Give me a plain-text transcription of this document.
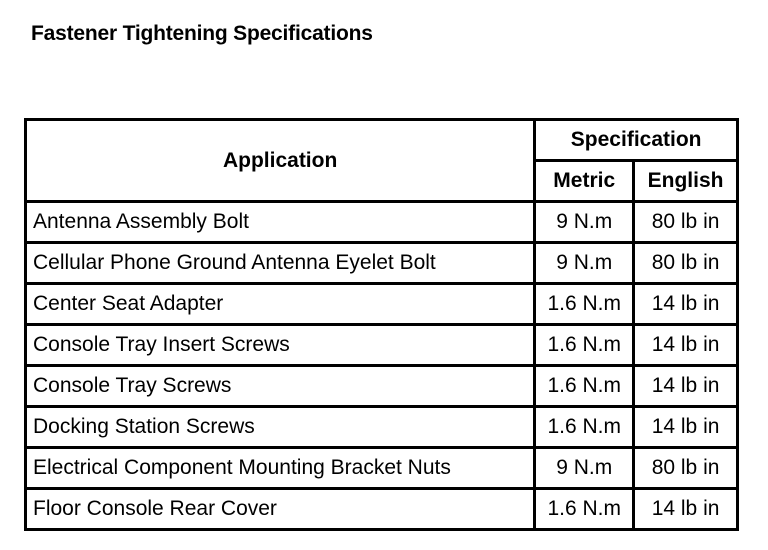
Fastener Tightening Specifications
Application	Specification	
	Metric	English
Antenna Assembly Bolt	9 N.m	80 lb in
Cellular Phone Ground Antenna Eyelet Bolt	9 N.m	80 lb in
Center Seat Adapter	1.6 N.m	14 lb in
Console Tray Insert Screws	1.6 N.m	14 lb in
Console Tray Screws	1.6 N.m	14 lb in
Docking Station Screws	1.6 N.m	14 lb in
Electrical Component Mounting Bracket Nuts	9 N.m	80 lb in
Floor Console Rear Cover	1.6 N.m	14 lb in
